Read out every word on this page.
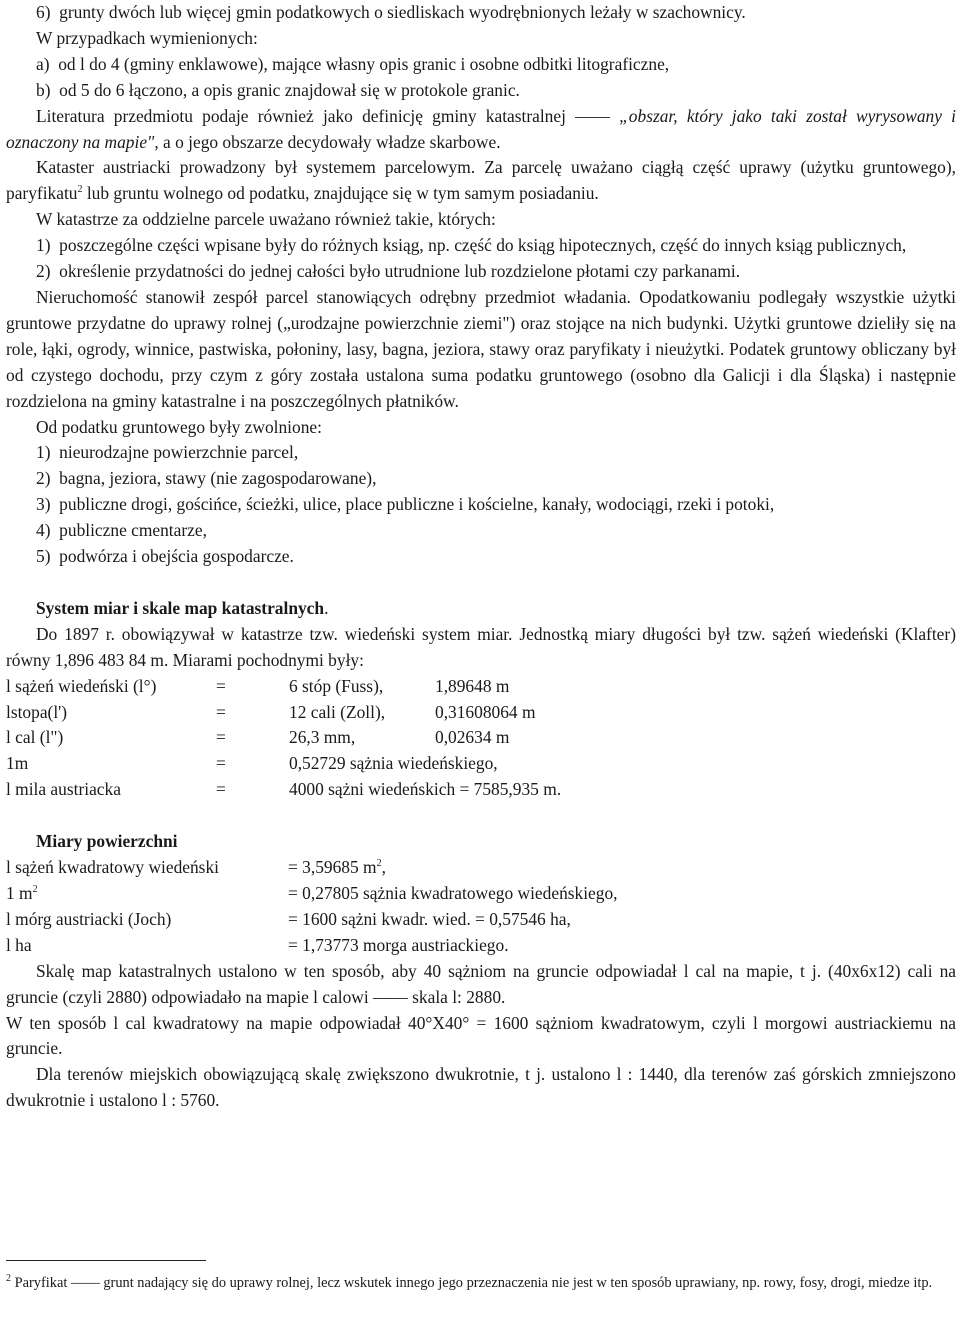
6)  grunty dwóch lub więcej gmin podatkowych o siedliskach wyodrębnionych leżały w szachownicy.

W przypadkach wymienionych:

a)  od l do 4 (gminy enklawowe), mające własny opis granic i osobne odbitki litograficzne,

b)  od 5 do 6 łączono, a opis granic znajdował się w protokole granic.

Literatura przedmiotu podaje również jako definicję gminy katastralnej —— „obszar, który jako taki został wyrysowany i oznaczony na mapie", a o jego obszarze decydowały władze skarbowe.

Kataster austriacki prowadzony był systemem parcelowym. Za parcelę uważano ciągłą część uprawy (użytku gruntowego), paryfikatu$^2$ lub gruntu wolnego od podatku, znajdujące się w tym samym posiadaniu.

W katastrze za oddzielne parcele uważano również takie, których:

1)  poszczególne części wpisane były do różnych ksiąg, np. część do ksiąg hipotecznych, część do innych ksiąg publicznych,

2)  określenie przydatności do jednej całości było utrudnione lub rozdzielone płotami czy parkanami.

Nieruchomość stanowił zespół parcel stanowiących odrębny przedmiot władania. Opodatkowaniu podlegały wszystkie użytki gruntowe przydatne do uprawy rolnej („urodzajne powierzchnie ziemi") oraz stojące na nich budynki. Użytki gruntowe dzieliły się na role, łąki, ogrody, winnice, pastwiska, połoniny, lasy, bagna, jeziora, stawy oraz paryfikaty i nieużytki. Podatek gruntowy obliczany był od czystego dochodu, przy czym z góry została ustalona suma podatku gruntowego (osobno dla Galicji i dla Śląska) i następnie rozdzielona na gminy katastralne i na poszczególnych płatników.

Od podatku gruntowego były zwolnione:

1)  nieurodzajne powierzchnie parcel,

2)  bagna, jeziora, stawy (nie zagospodarowane),

3)  publiczne drogi, gościńce, ścieżki, ulice, place publiczne i kościelne, kanały, wodociągi, rzeki i potoki,

4)  publiczne cmentarze,

5)  podwórza i obejścia gospodarcze.

System miar i skale map katastralnych.

Do 1897 r. obowiązywał w katastrze tzw. wiedeński system miar. Jednostką miary długości był tzw. sążeń wiedeński (Klafter) równy 1,896 483 84 m. Miarami pochodnymi były:

l sążeń wiedeński (l°)	=	6 stóp (Fuss),	1,89648 m
lstopa(l')	=	12 cali (Zoll),	0,31608064 m
l cal (l")	=	26,3 mm,	0,02634 m
1m	=	0,52729 sążnia wiedeńskiego,
l mila austriacka	=	4000 sążni wiedeńskich = 7585,935 m.

Miary powierzchni

l sążeń kwadratowy wiedeński	= 3,59685 $m^2$,
1 $m^2$	= 0,27805 sążnia kwadratowego wiedeńskiego,
l mórg austriacki (Joch)	= 1600 sążni kwadr. wied. = 0,57546 ha,
l ha	= 1,73773 morga austriackiego.

Skalę map katastralnych ustalono w ten sposób, aby 40 sążniom na gruncie odpowiadał l cal na mapie, t j. (40x6x12) cali na gruncie (czyli 2880) odpowiadało na mapie l calowi —— skala l: 2880.

W ten sposób l cal kwadratowy na mapie odpowiadał 40°X40° = 1600 sążniom kwadratowym, czyli l morgowi austriackiemu na gruncie.

Dla terenów miejskich obowiązującą skalę zwiększono dwukrotnie, t j. ustalono l : 1440, dla terenów zaś górskich zmniejszono dwukrotnie i ustalono l : 5760.

$^2$ Paryfikat —— grunt nadający się do uprawy rolnej, lecz wskutek innego jego przeznaczenia nie jest w ten sposób uprawiany, np. rowy, fosy, drogi, miedze itp.
